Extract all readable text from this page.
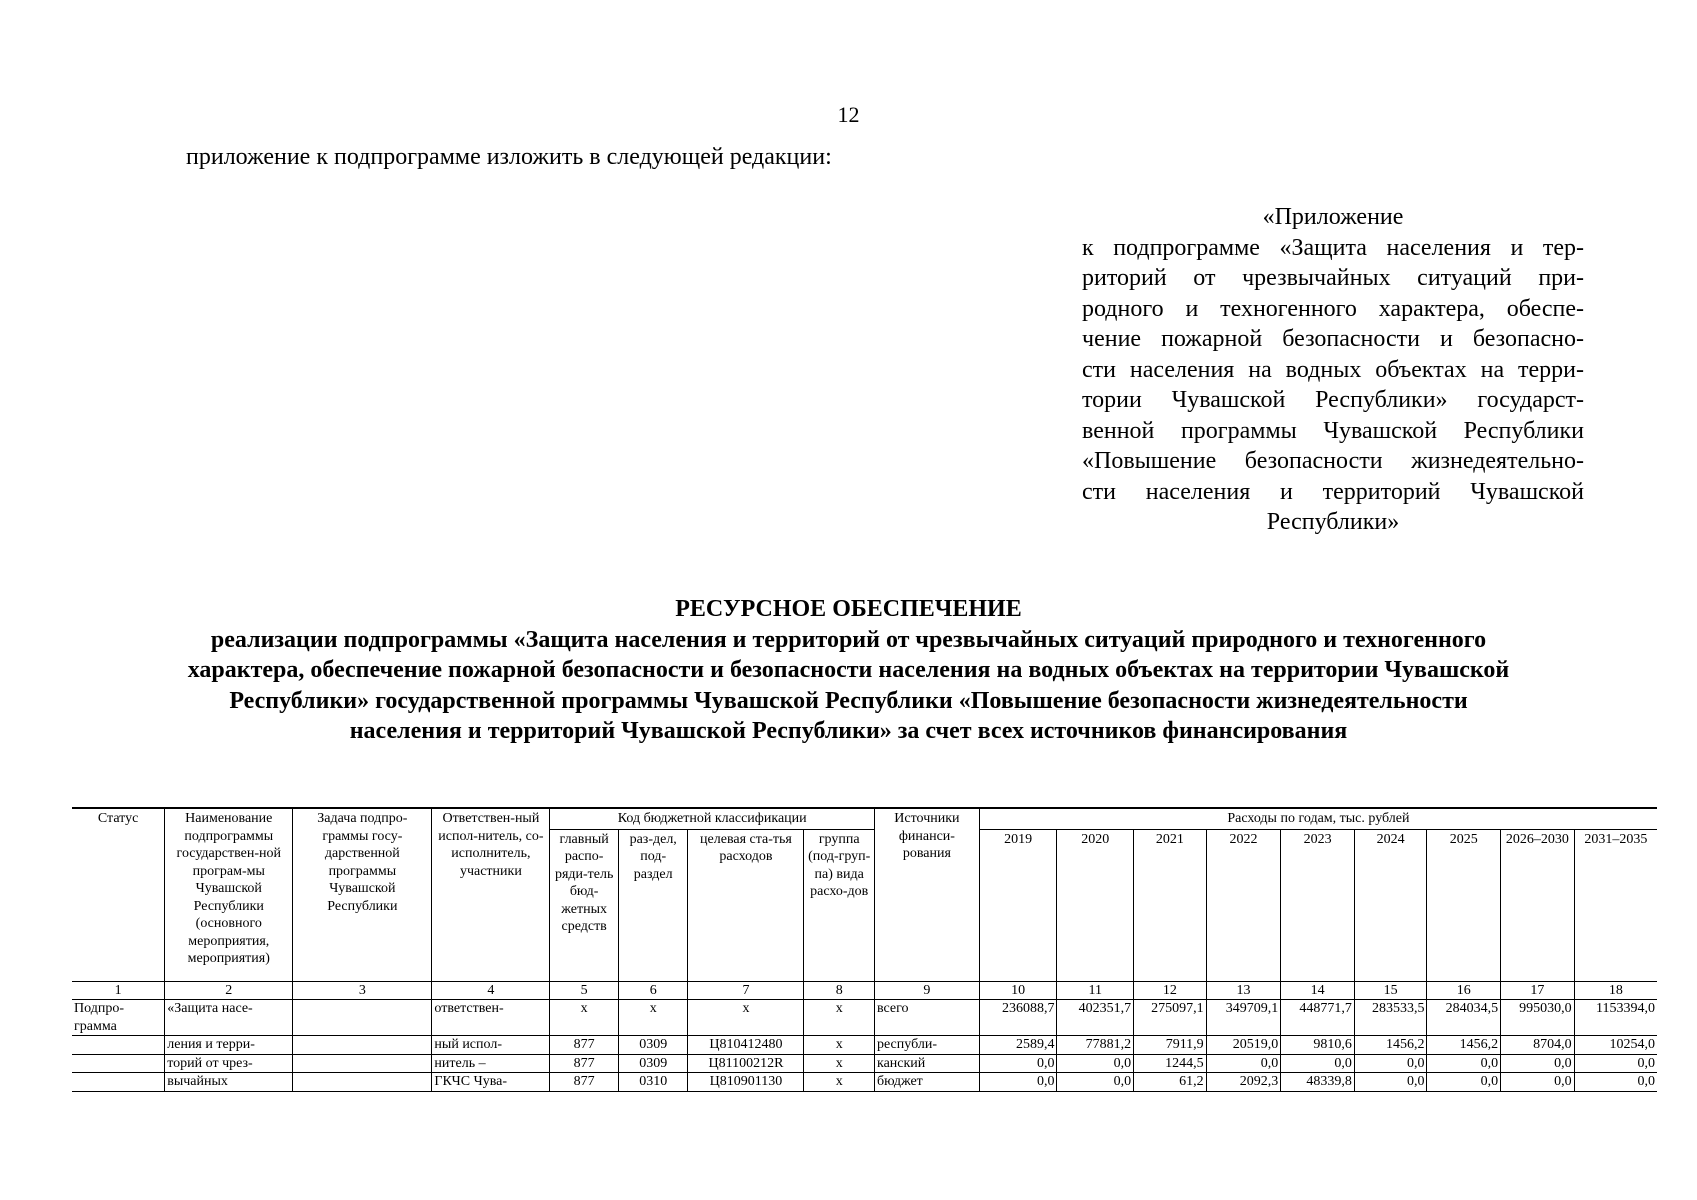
12
приложение к подпрограмме изложить в следующей редакции:
«Приложение
к подпрограмме «Защита населения и тер-
риторий от чрезвычайных ситуаций при-
родного и техногенного характера, обеспе-
чение пожарной безопасности и безопасно-
сти населения на водных объектах на терри-
тории Чувашской Республики» государст-
венной программы Чувашской Республики
«Повышение безопасности жизнедеятельно-
сти населения и территорий Чувашской
Республики»
РЕСУРСНОЕ ОБЕСПЕЧЕНИЕ
реализации подпрограммы «Защита населения и территорий от чрезвычайных ситуаций природного и техногенного
характера, обеспечение пожарной безопасности и безопасности населения на водных объектах на территории Чувашской
Республики» государственной программы Чувашской Республики «Повышение безопасности жизнедеятельности
населения и территорий Чувашской Республики» за счет всех источников финансирования
Статус	Наименование подпрограммы государствен-ной програм-мы Чувашской Республики (основного мероприятия, мероприятия)	Задача подпро-граммы госу-дарственной программы Чувашской Республики	Ответствен-ный испол-нитель, со-исполнитель, участники	Код бюджетной классификации				Источники финанси-рования	Расходы по годам, тыс. рублей								
				главный распо-ряди-тель бюд-жетных средств	раз-дел, под-раздел	целевая ста-тья расходов	группа (под-груп-па) вида расхо-дов		2019	2020	2021	2022	2023	2024	2025	2026–2030	2031–2035
1	2	3	4	5	6	7	8	9	10	11	12	13	14	15	16	17	18
Подпро-грамма	«Защита насе-		ответствен-	x	x	x	x	всего	236088,7	402351,7	275097,1	349709,1	448771,7	283533,5	284034,5	995030,0	1153394,0
	ления и терри-		ный испол-	877	0309	Ц810412480	x	республи-	2589,4	77881,2	7911,9	20519,0	9810,6	1456,2	1456,2	8704,0	10254,0
	торий от чрез-		нитель –	877	0309	Ц81100212R	x	канский	0,0	0,0	1244,5	0,0	0,0	0,0	0,0	0,0	0,0
	вычайных		ГКЧС Чува-	877	0310	Ц810901130	x	бюджет	0,0	0,0	61,2	2092,3	48339,8	0,0	0,0	0,0	0,0
